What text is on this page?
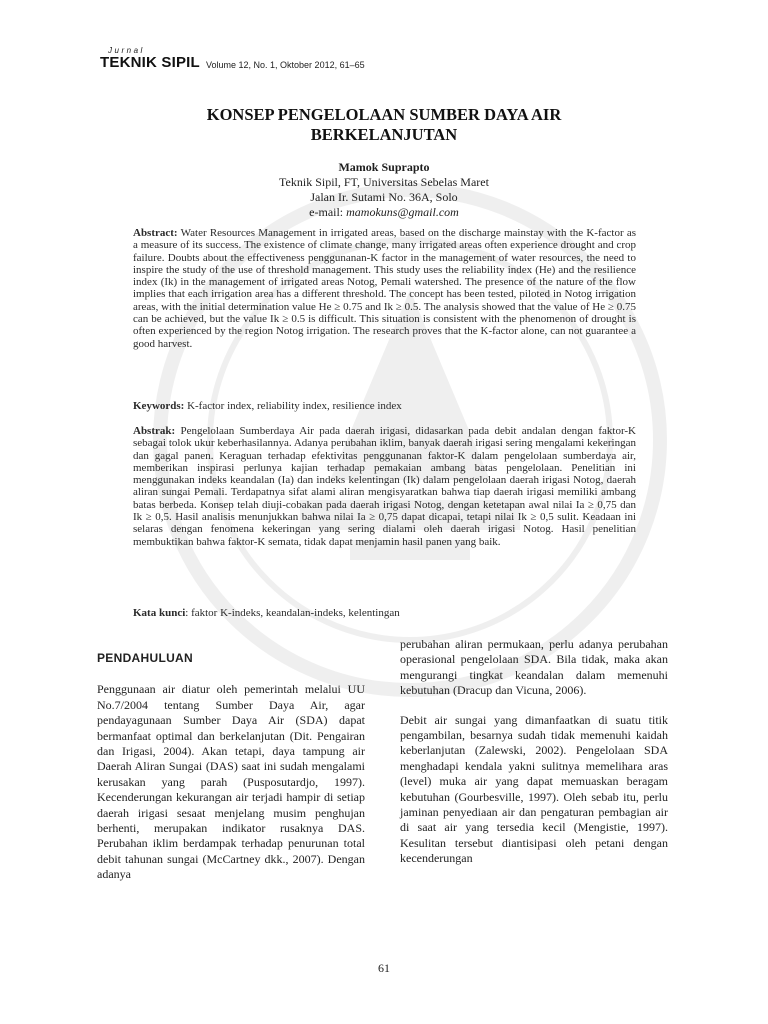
Jurnal
TEKNIK SIPIL Volume 12, No. 1, Oktober 2012, 61–65
KONSEP PENGELOLAAN SUMBER DAYA AIR
BERKELANJUTAN
Mamok Suprapto
Teknik Sipil, FT, Universitas Sebelas Maret
Jalan Ir. Sutami No. 36A, Solo
e-mail: mamokuns@gmail.com
Abstract: Water Resources Management in irrigated areas, based on the discharge mainstay with the K-factor as a measure of its success. The existence of climate change, many irrigated areas often experience drought and crop failure. Doubts about the effectiveness penggunanan-K factor in the management of water resources, the need to inspire the study of the use of threshold management. This study uses the reliability index (He) and the resilience index (Ik) in the management of irrigated areas Notog, Pemali watershed. The presence of the nature of the flow implies that each irrigation area has a different threshold. The concept has been tested, piloted in Notog irrigation areas, with the initial determination value He ≥ 0.75 and Ik ≥ 0.5. The analysis showed that the value of He ≥ 0.75 can be achieved, but the value Ik ≥ 0.5 is difficult. This situation is consistent with the phenomenon of drought is often experienced by the region Notog irrigation. The research proves that the K-factor alone, can not guarantee a good harvest.
Keywords: K-factor index, reliability index, resilience index
Abstrak: Pengelolaan Sumberdaya Air pada daerah irigasi, didasarkan pada debit andalan dengan faktor-K sebagai tolok ukur keberhasilannya. Adanya perubahan iklim, banyak daerah irigasi sering mengalami kekeringan dan gagal panen. Keraguan terhadap efektivitas penggunanan faktor-K dalam pengelolaan sumberdaya air, memberikan inspirasi perlunya kajian terhadap pemakaian ambang batas pengelolaan. Penelitian ini menggunakan indeks keandalan (Ia) dan indeks kelentingan (Ik) dalam pengelolaan daerah irigasi Notog, daerah aliran sungai Pemali. Terdapatnya sifat alami aliran mengisyaratkan bahwa tiap daerah irigasi memiliki ambang batas berbeda. Konsep telah diuji-cobakan pada daerah irigasi Notog, dengan ketetapan awal nilai Ia ≥ 0,75 dan Ik ≥ 0,5. Hasil analisis menunjukkan bahwa nilai Ia ≥ 0,75 dapat dicapai, tetapi nilai Ik ≥ 0,5 sulit. Keadaan ini selaras dengan fenomena kekeringan yang sering dialami oleh daerah irigasi Notog. Hasil penelitian membuktikan bahwa faktor-K semata, tidak dapat menjamin hasil panen yang baik.
Kata kunci: faktor K-indeks, keandalan-indeks, kelentingan
PENDAHULUAN

Penggunaan air diatur oleh pemerintah melalui UU No.7/2004 tentang Sumber Daya Air, agar pendayagunaan Sumber Daya Air (SDA) dapat bermanfaat optimal dan berkelanjutan (Dit. Pengairan dan Irigasi, 2004). Akan tetapi, daya tampung air Daerah Aliran Sungai (DAS) saat ini sudah mengalami kerusakan yang parah (Pusposutardjo, 1997). Kecenderungan kekurangan air terjadi hampir di setiap daerah irigasi sesaat menjelang musim penghujan berhenti, merupakan indikator rusaknya DAS. Perubahan iklim berdampak terhadap penurunan total debit tahunan sungai (McCartney dkk., 2007). Dengan adanya

perubahan aliran permukaan, perlu adanya perubahan operasional pengelolaan SDA. Bila tidak, maka akan mengurangi tingkat keandalan dalam memenuhi kebutuhan (Dracup dan Vicuna, 2006).

Debit air sungai yang dimanfaatkan di suatu titik pengambilan, besarnya sudah tidak memenuhi kaidah keberlanjutan (Zalewski, 2002). Pengelolaan SDA menghadapi kendala yakni sulitnya memelihara aras (level) muka air yang dapat memuaskan beragam kebutuhan (Gourbesville, 1997). Oleh sebab itu, perlu jaminan penyediaan air dan pengaturan pembagian air di saat air yang tersedia kecil (Mengistie, 1997). Kesulitan tersebut diantisipasi oleh petani dengan kecenderungan

61
